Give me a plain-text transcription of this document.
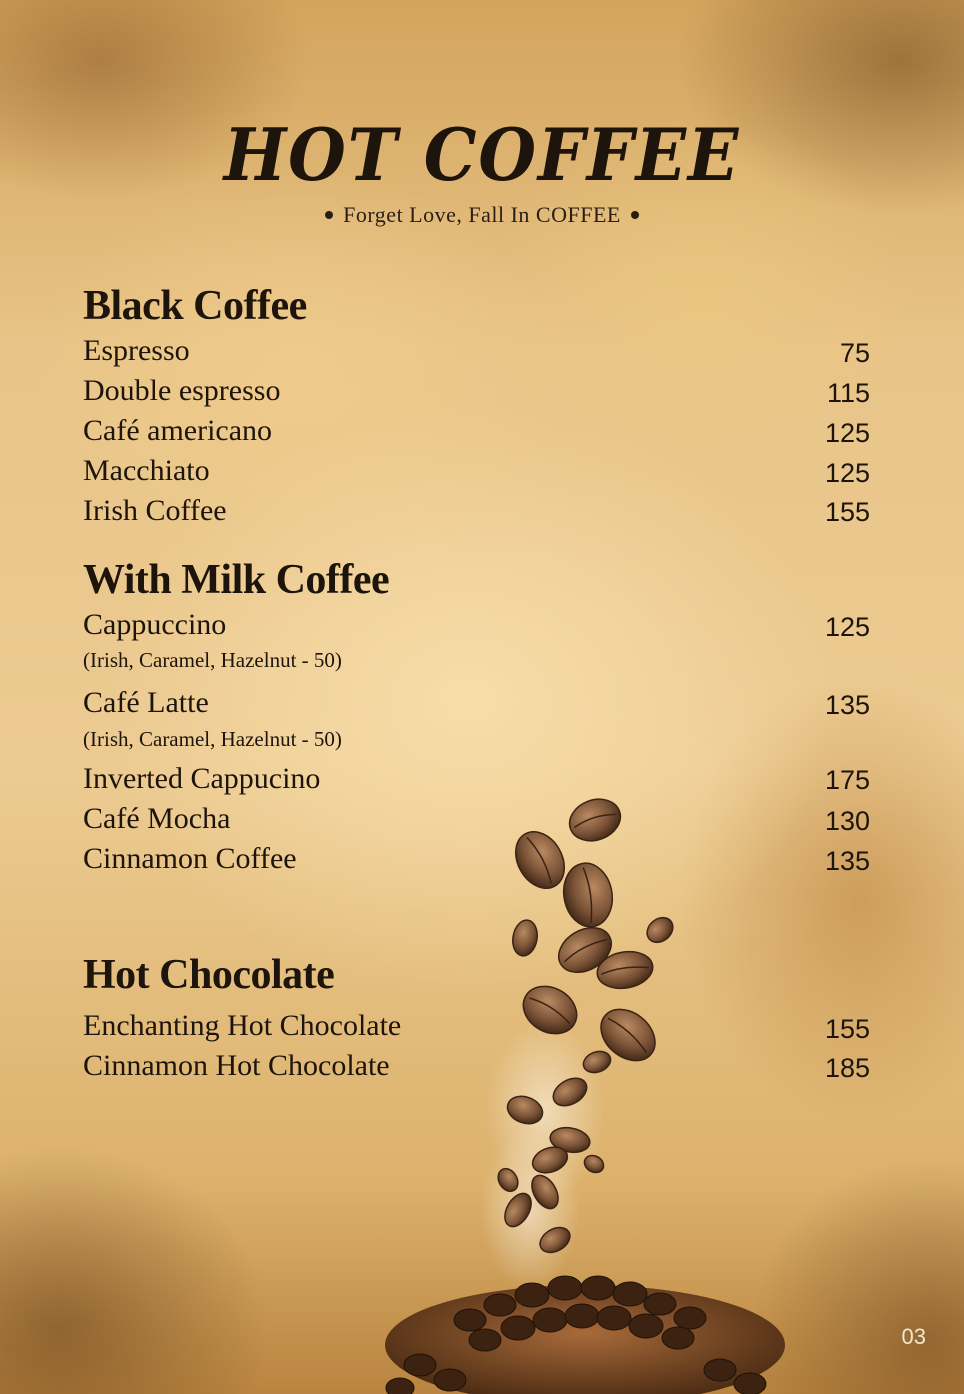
HOT COFFEE
Forget Love, Fall In COFFEE
Black Coffee
Espresso	75
Double espresso	115
Café americano	125
Macchiato	125
Irish Coffee	155
With Milk Coffee
Cappuccino	125
(Irish, Caramel, Hazelnut - 50)
Café Latte	135
(Irish, Caramel, Hazelnut - 50)
Inverted Cappucino	175
Café Mocha	130
Cinnamon Coffee	135
Hot Chocolate
Enchanting Hot Chocolate	155
Cinnamon Hot Chocolate	185
03
